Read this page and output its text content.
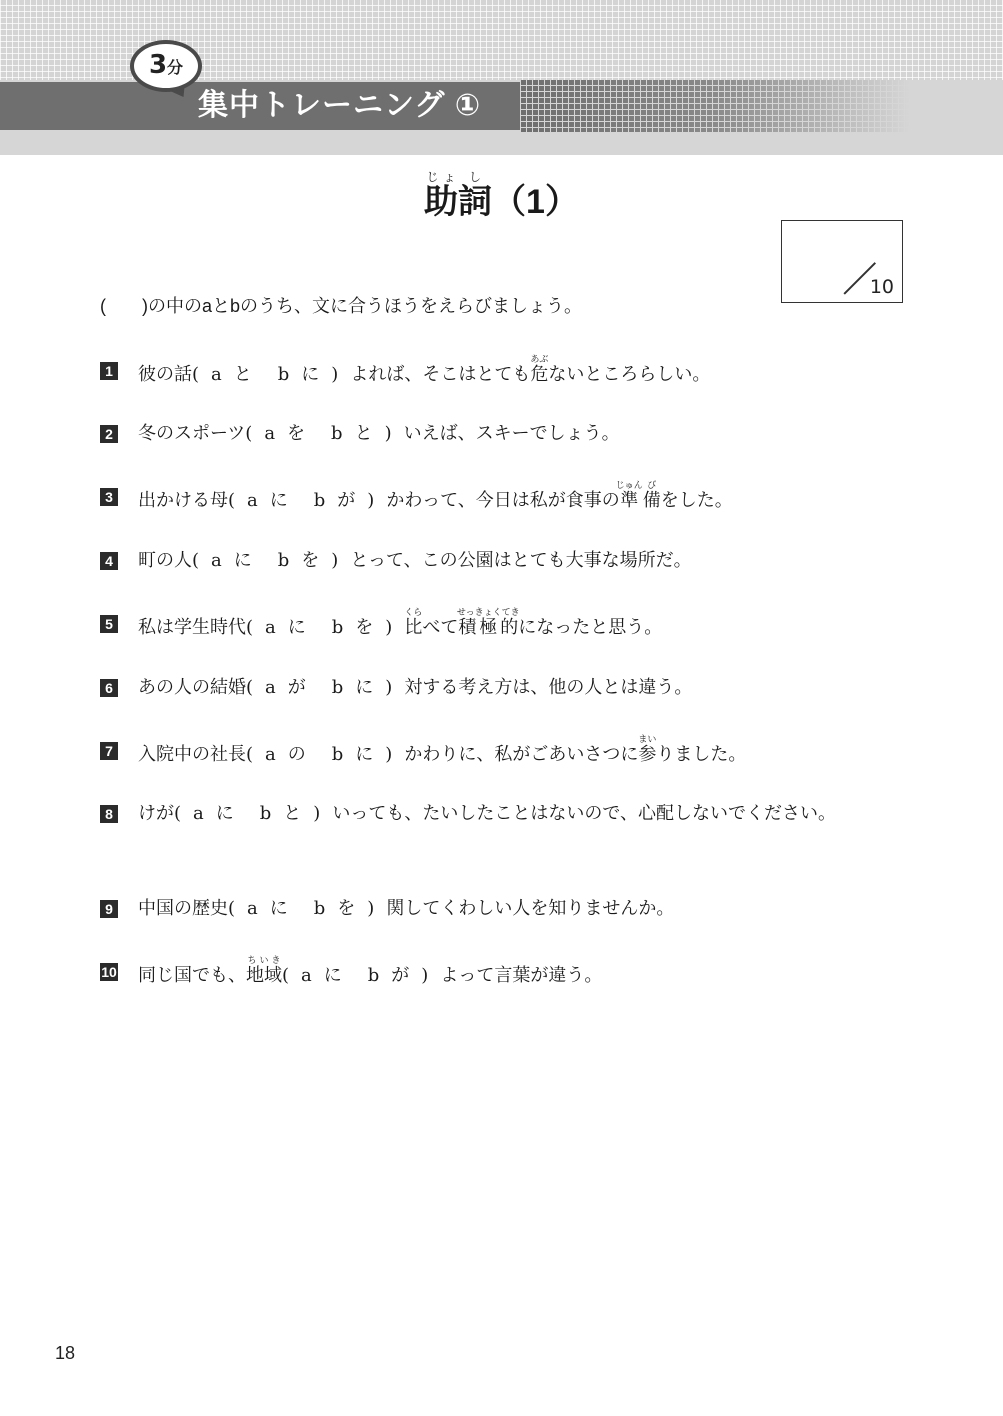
集中トレーニング ①
3分
助じょ詞し（1）
10
(　　)の中のaとbのうち、文に合うほうをえらびましょう。
1 彼の話( a と b に ) よれば、そこはとても危あぶないところらしい。
2 冬のスポーツ( a を b と ) いえば、スキーでしょう。
3 出かける母( a に b が ) かわって、今日は私が食事の準じゅん備びをした。
4 町の人( a に b を ) とって、この公園はとても大事な場所だ。
5 私は学生時代( a に b を ) 比くらべて積極的せっきょくてきになったと思う。
6 あの人の結婚( a が b に ) 対する考え方は、他の人とは違う。
7 入院中の社長( a の b に ) かわりに、私がごあいさつに参まいりました。
8 けが( a に b と ) いっても、たいしたことはないので、心配しないでください。
9 中国の歴史( a に b を ) 関してくわしい人を知りませんか。
10 同じ国でも、地域ちいき( a に b が ) よって言葉が違う。
18
